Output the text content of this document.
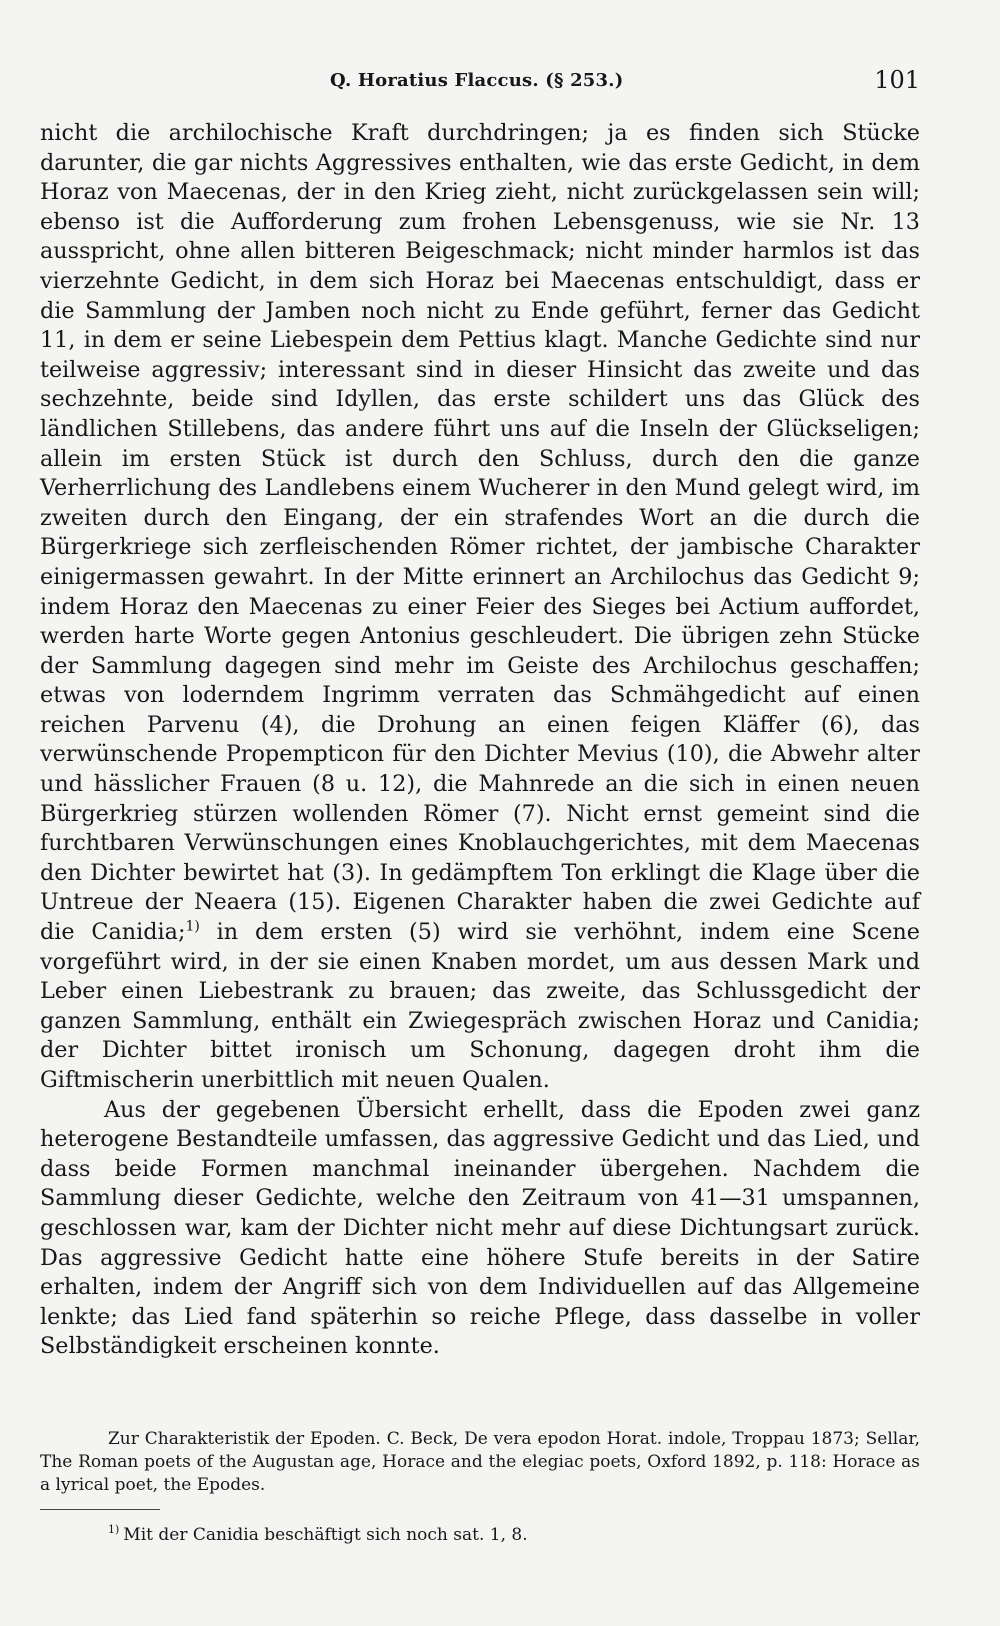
Q. Horatius Flaccus. (§ 253.)	101

nicht die archilochische Kraft durchdringen; ja es finden sich Stücke darunter, die gar nichts Aggressives enthalten, wie das erste Gedicht, in dem Horaz von Maecenas, der in den Krieg zieht, nicht zurückgelassen sein will; ebenso ist die Aufforderung zum frohen Lebensgenuss, wie sie Nr. 13 ausspricht, ohne allen bitteren Beigeschmack; nicht minder harmlos ist das vierzehnte Gedicht, in dem sich Horaz bei Maecenas entschuldigt, dass er die Sammlung der Jamben noch nicht zu Ende geführt, ferner das Gedicht 11, in dem er seine Liebespein dem Pettius klagt. Manche Gedichte sind nur teilweise aggressiv; interessant sind in dieser Hinsicht das zweite und das sechzehnte, beide sind Idyllen, das erste schildert uns das Glück des ländlichen Stillebens, das andere führt uns auf die Inseln der Glückseligen; allein im ersten Stück ist durch den Schluss, durch den die ganze Verherrlichung des Landlebens einem Wucherer in den Mund gelegt wird, im zweiten durch den Eingang, der ein strafendes Wort an die durch die Bürgerkriege sich zerfleischenden Römer richtet, der jambische Charakter einigermassen gewahrt. In der Mitte erinnert an Archilochus das Gedicht 9; indem Horaz den Maecenas zu einer Feier des Sieges bei Actium auffordet, werden harte Worte gegen Antonius geschleudert. Die übrigen zehn Stücke der Sammlung dagegen sind mehr im Geiste des Archilochus geschaffen; etwas von loderndem Ingrimm verraten das Schmähgedicht auf einen reichen Parvenu (4), die Drohung an einen feigen Kläffer (6), das verwünschende Propempticon für den Dichter Mevius (10), die Abwehr alter und hässlicher Frauen (8 u. 12), die Mahnrede an die sich in einen neuen Bürgerkrieg stürzen wollenden Römer (7). Nicht ernst gemeint sind die furchtbaren Verwünschungen eines Knoblauchgerichtes, mit dem Maecenas den Dichter bewirtet hat (3). In gedämpftem Ton erklingt die Klage über die Untreue der Neaera (15). Eigenen Charakter haben die zwei Gedichte auf die Canidia;$^{1)}$ in dem ersten (5) wird sie verhöhnt, indem eine Scene vorgeführt wird, in der sie einen Knaben mordet, um aus dessen Mark und Leber einen Liebestrank zu brauen; das zweite, das Schlussgedicht der ganzen Sammlung, enthält ein Zwiegespräch zwischen Horaz und Canidia; der Dichter bittet ironisch um Schonung, dagegen droht ihm die Giftmischerin unerbittlich mit neuen Qualen.

Aus der gegebenen Übersicht erhellt, dass die Epoden zwei ganz heterogene Bestandteile umfassen, das aggressive Gedicht und das Lied, und dass beide Formen manchmal ineinander übergehen. Nachdem die Sammlung dieser Gedichte, welche den Zeitraum von 41—31 umspannen, geschlossen war, kam der Dichter nicht mehr auf diese Dichtungsart zurück. Das aggressive Gedicht hatte eine höhere Stufe bereits in der Satire erhalten, indem der Angriff sich von dem Individuellen auf das Allgemeine lenkte; das Lied fand späterhin so reiche Pflege, dass dasselbe in voller Selbständigkeit erscheinen konnte.

Zur Charakteristik der Epoden. C. Beck, De vera epodon Horat. indole, Troppau 1873; Sellar, The Roman poets of the Augustan age, Horace and the elegiac poets, Oxford 1892, p. 118: Horace as a lyrical poet, the Epodes.

$^{1)}$ Mit der Canidia beschäftigt sich noch sat. 1, 8.
